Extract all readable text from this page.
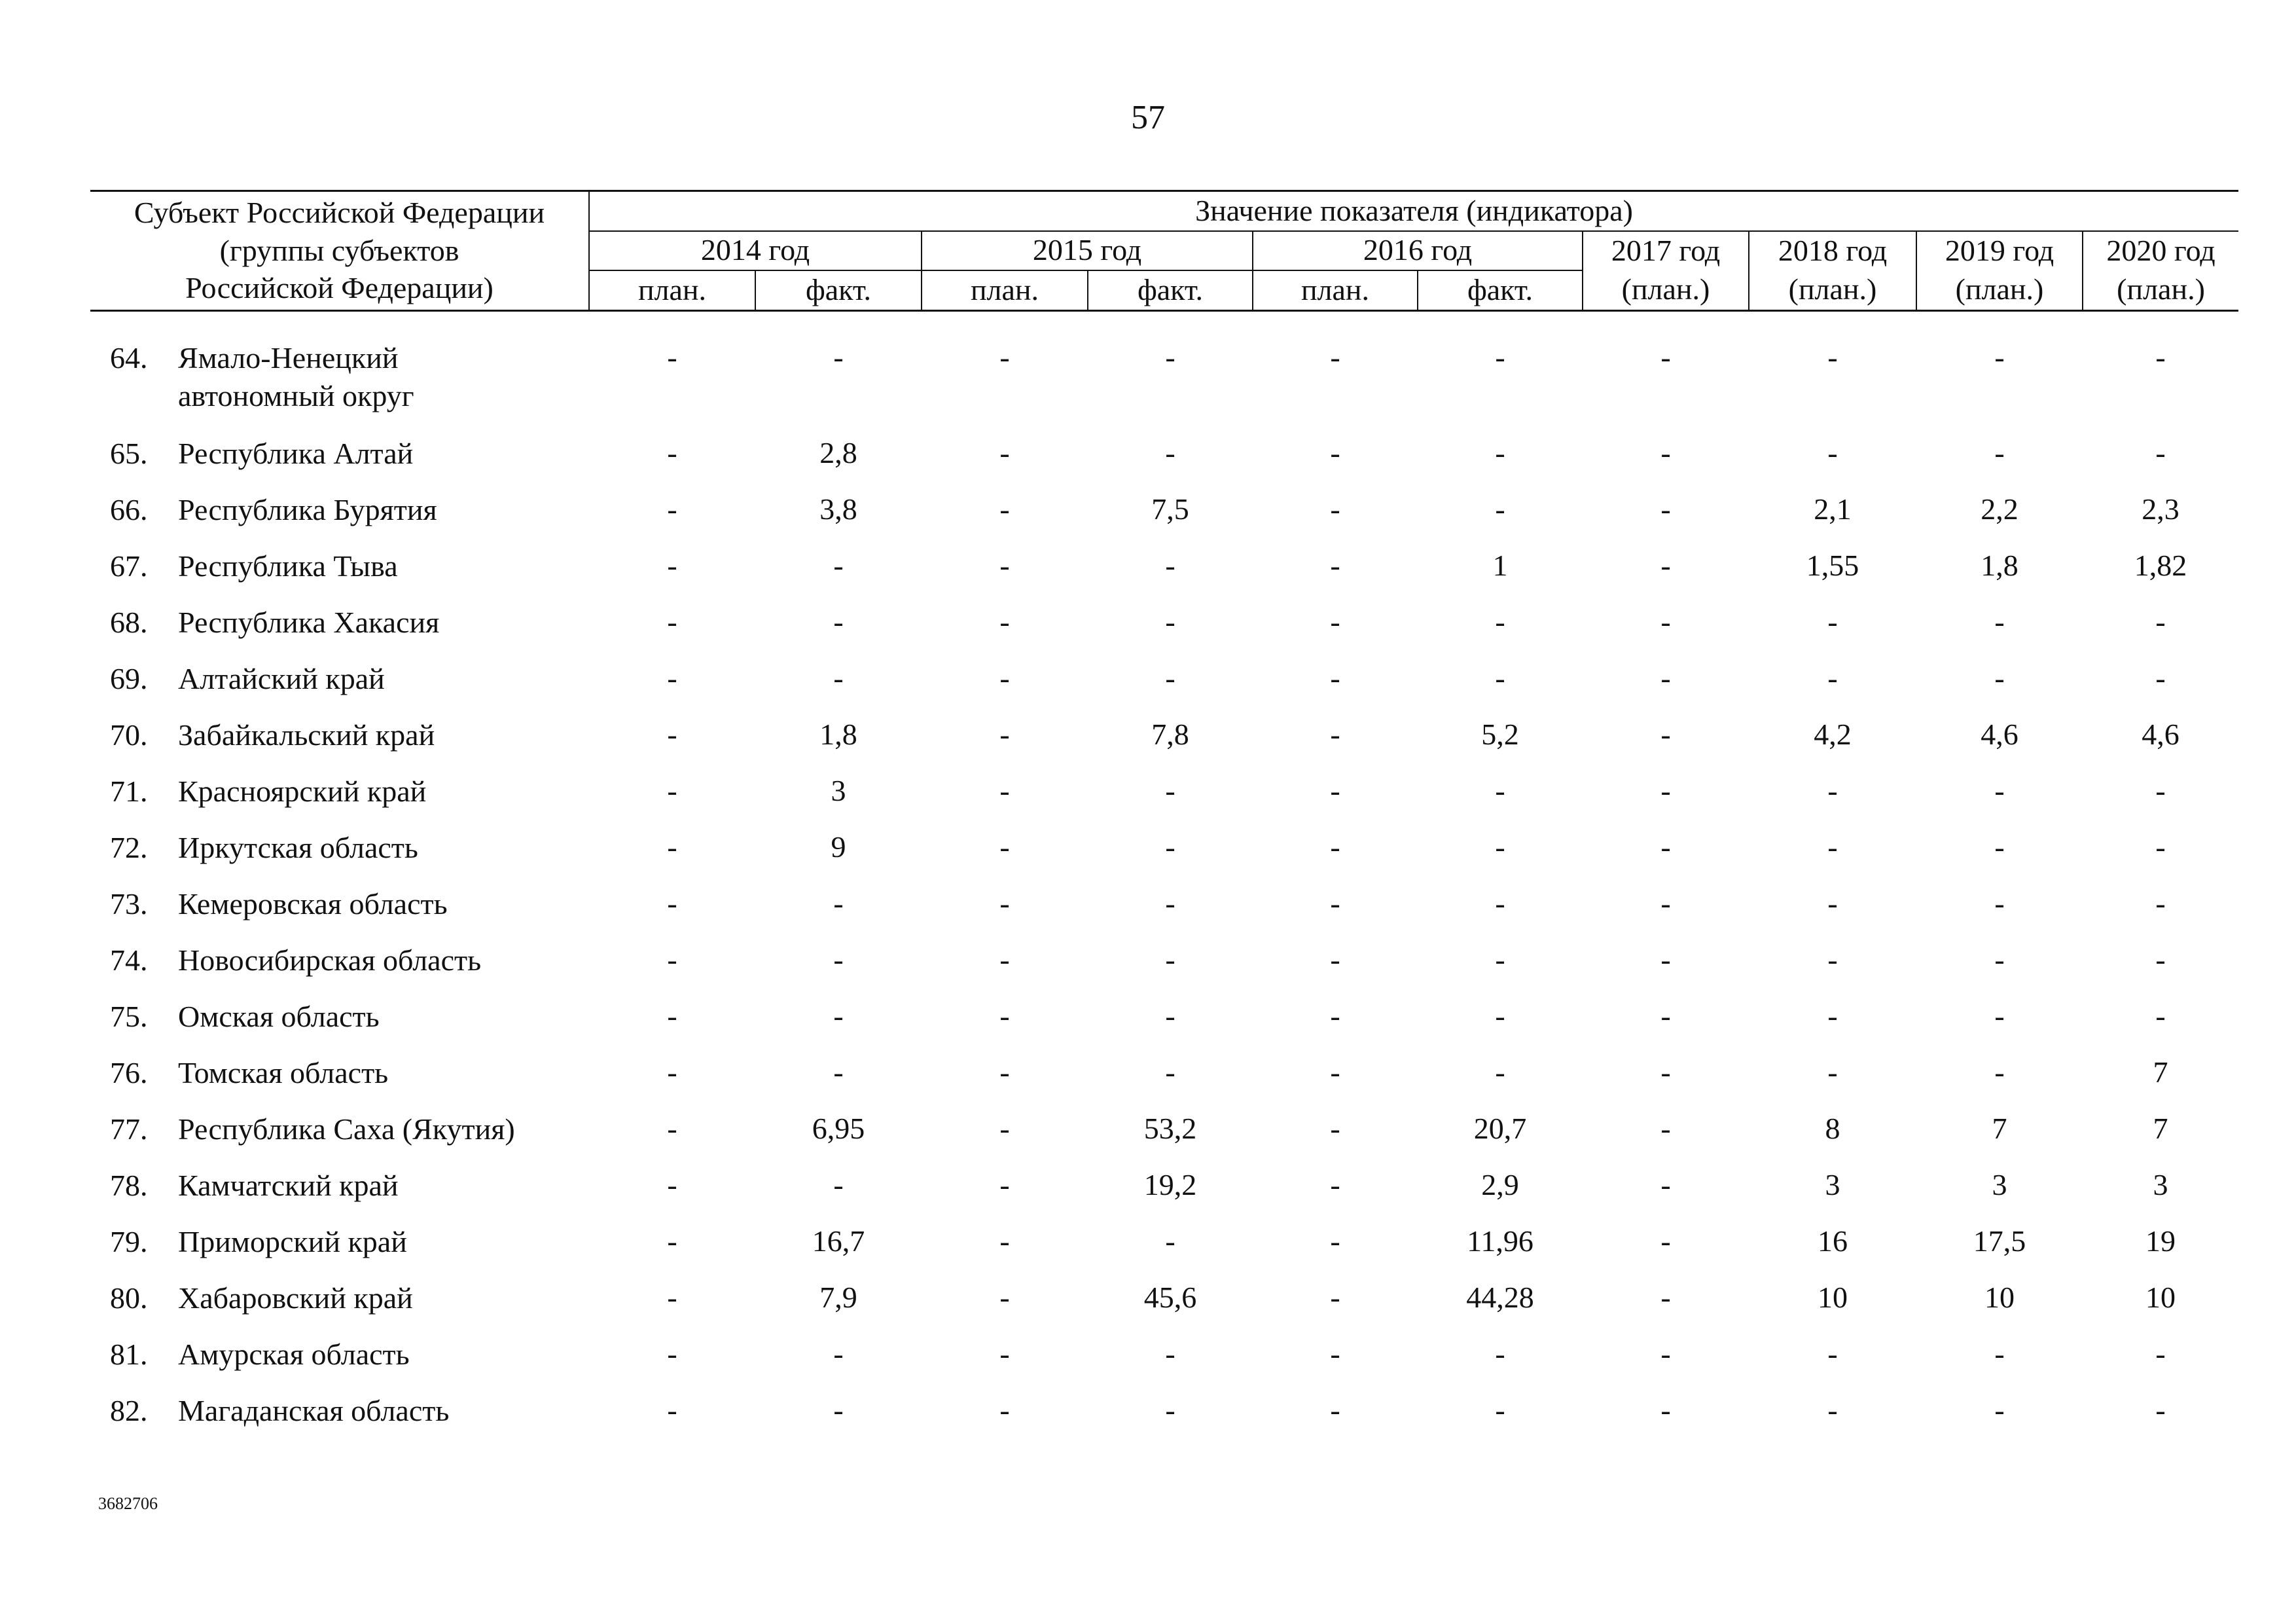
57
Субъект Российской Федерации
(группы субъектов
Российской Федерации)	Значение показателя (индикатора)									
	2014 год		2015 год		2016 год		2017 год	2018 год	2019 год	2020 год
	план.	факт.	план.	факт.	план.	факт.	(план.)	(план.)	(план.)	(план.)

64. Ямало-Ненецкий автономный округ	-	-	-	-	-	-	-	-	-	-
65. Республика Алтай	-	2,8	-	-	-	-	-	-	-	-
66. Республика Бурятия	-	3,8	-	7,5	-	-	-	2,1	2,2	2,3
67. Республика Тыва	-	-	-	-	-	1	-	1,55	1,8	1,82
68. Республика Хакасия	-	-	-	-	-	-	-	-	-	-
69. Алтайский край	-	-	-	-	-	-	-	-	-	-
70. Забайкальский край	-	1,8	-	7,8	-	5,2	-	4,2	4,6	4,6
71. Красноярский край	-	3	-	-	-	-	-	-	-	-
72. Иркутская область	-	9	-	-	-	-	-	-	-	-
73. Кемеровская область	-	-	-	-	-	-	-	-	-	-
74. Новосибирская область	-	-	-	-	-	-	-	-	-	-
75. Омская область	-	-	-	-	-	-	-	-	-	-
76. Томская область	-	-	-	-	-	-	-	-	-	7
77. Республика Саха (Якутия)	-	6,95	-	53,2	-	20,7	-	8	7	7
78. Камчатский край	-	-	-	19,2	-	2,9	-	3	3	3
79. Приморский край	-	16,7	-	-	-	11,96	-	16	17,5	19
80. Хабаровский край	-	7,9	-	45,6	-	44,28	-	10	10	10
81. Амурская область	-	-	-	-	-	-	-	-	-	-
82. Магаданская область	-	-	-	-	-	-	-	-	-	-
3682706
